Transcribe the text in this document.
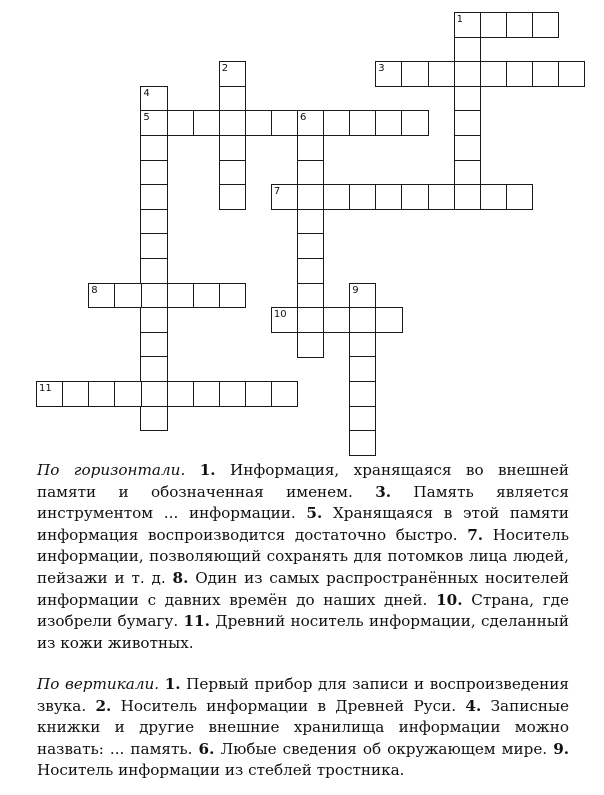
1
2	3
4
5	6
7
8	9
10
11
По горизонтали. 1. Информация, хранящаяся во внешней памяти и обозначенная именем. 3. Память является инструментом ... информации. 5. Хранящаяся в этой памяти информация воспроизводится достаточно быстро. 7. Носитель информации, позволяющий сохранять для потомков лица людей, пейзажи и т. д. 8. Один из самых распространённых носителей информации с давних времён до наших дней. 10. Страна, где изобрели бумагу. 11. Древний носитель информации, сделанный из кожи животных.
По вертикали. 1. Первый прибор для записи и воспроизведения звука. 2. Носитель информации в Древней Руси. 4. Записные книжки и другие внешние хранилища информации можно назвать: ... память. 6. Любые сведения об окружающем мире. 9. Носитель информации из стеблей тростника.
